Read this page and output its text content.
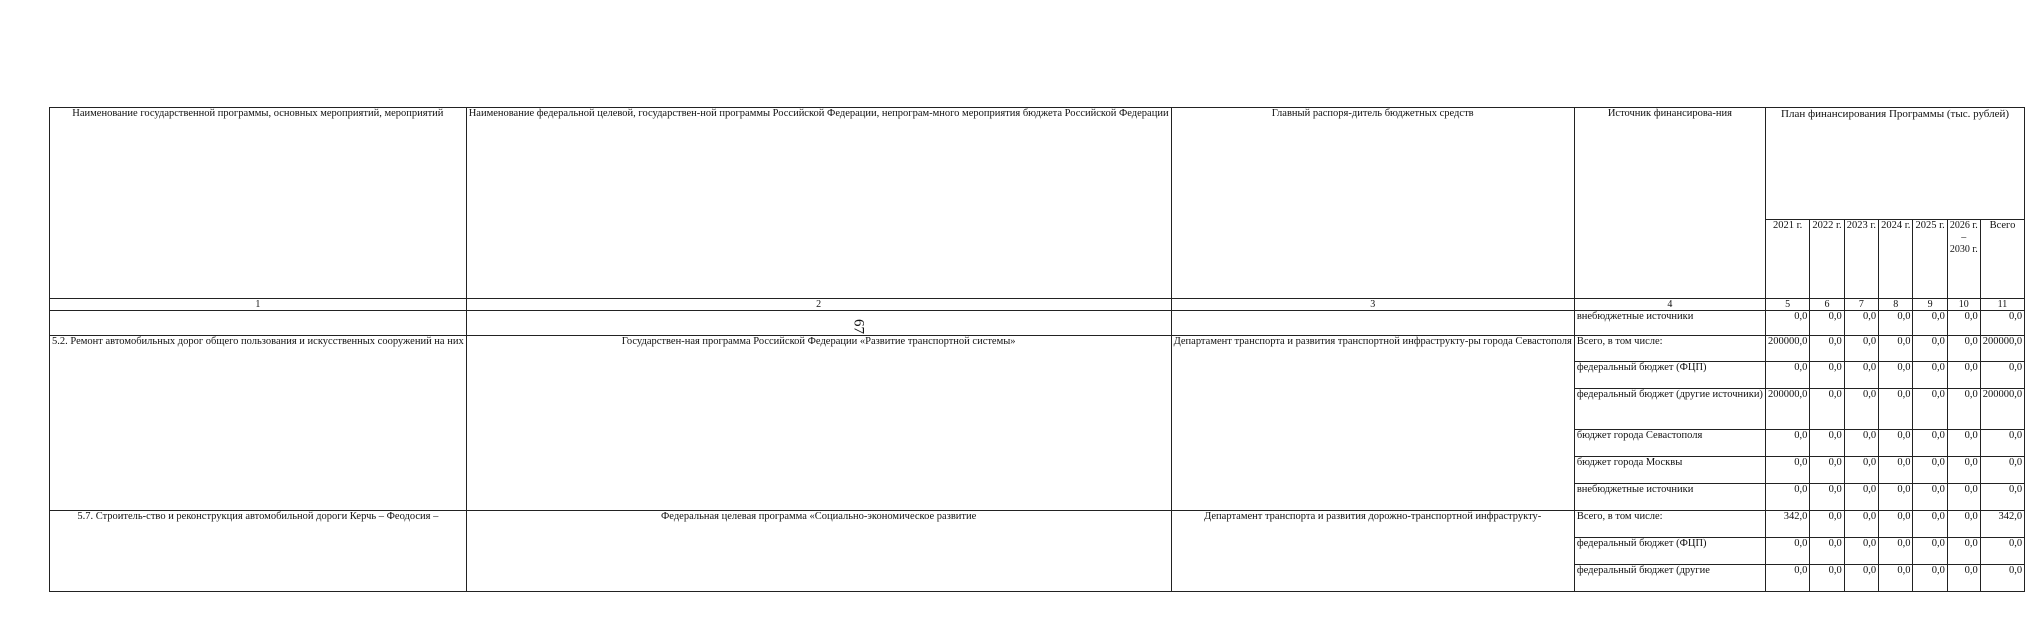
67
Наименование государственной программы, основных мероприятий, мероприятий	Наименование федеральной целевой, государствен-ной программы Российской Федерации, непрограм-много мероприятия бюджета Российской Федерации	Главный распоря-дитель бюджетных средств	Источник финансирова-ния	План финансирования Программы (тыс. рублей)						
				2021 г.	2022 г.	2023 г.	2024 г.	2025 г.	2026 г.
–
2030 г.	Всего
1	2	3	4	5	6	7	8	9	10	11
			внебюджетные источники	0,0	0,0	0,0	0,0	0,0	0,0	0,0
5.2. Ремонт автомобильных дорог общего пользования и искусственных сооружений на них	Государствен-ная программа Российской Федерации «Развитие транспортной системы»	Департамент транспорта и развития транспортной инфраструкту-ры города Севастополя	Всего, в том числе:	200000,0	0,0	0,0	0,0	0,0	0,0	200000,0
			федеральный бюджет (ФЦП)	0,0	0,0	0,0	0,0	0,0	0,0	0,0
			федеральный бюджет (другие источники)	200000,0	0,0	0,0	0,0	0,0	0,0	200000,0
			бюджет города Севастополя	0,0	0,0	0,0	0,0	0,0	0,0	0,0
			бюджет города Москвы	0,0	0,0	0,0	0,0	0,0	0,0	0,0
			внебюджетные источники	0,0	0,0	0,0	0,0	0,0	0,0	0,0
5.7. Строитель-ство и реконструкция автомобильной дороги Керчь – Феодосия –	Федеральная целевая программа «Социально-экономическое развитие	Департамент транспорта и развития дорожно-транспортной инфраструкту-	Всего, в том числе:	342,0	0,0	0,0	0,0	0,0	0,0	342,0
			федеральный бюджет (ФЦП)	0,0	0,0	0,0	0,0	0,0	0,0	0,0
			федеральный бюджет (другие	0,0	0,0	0,0	0,0	0,0	0,0	0,0
